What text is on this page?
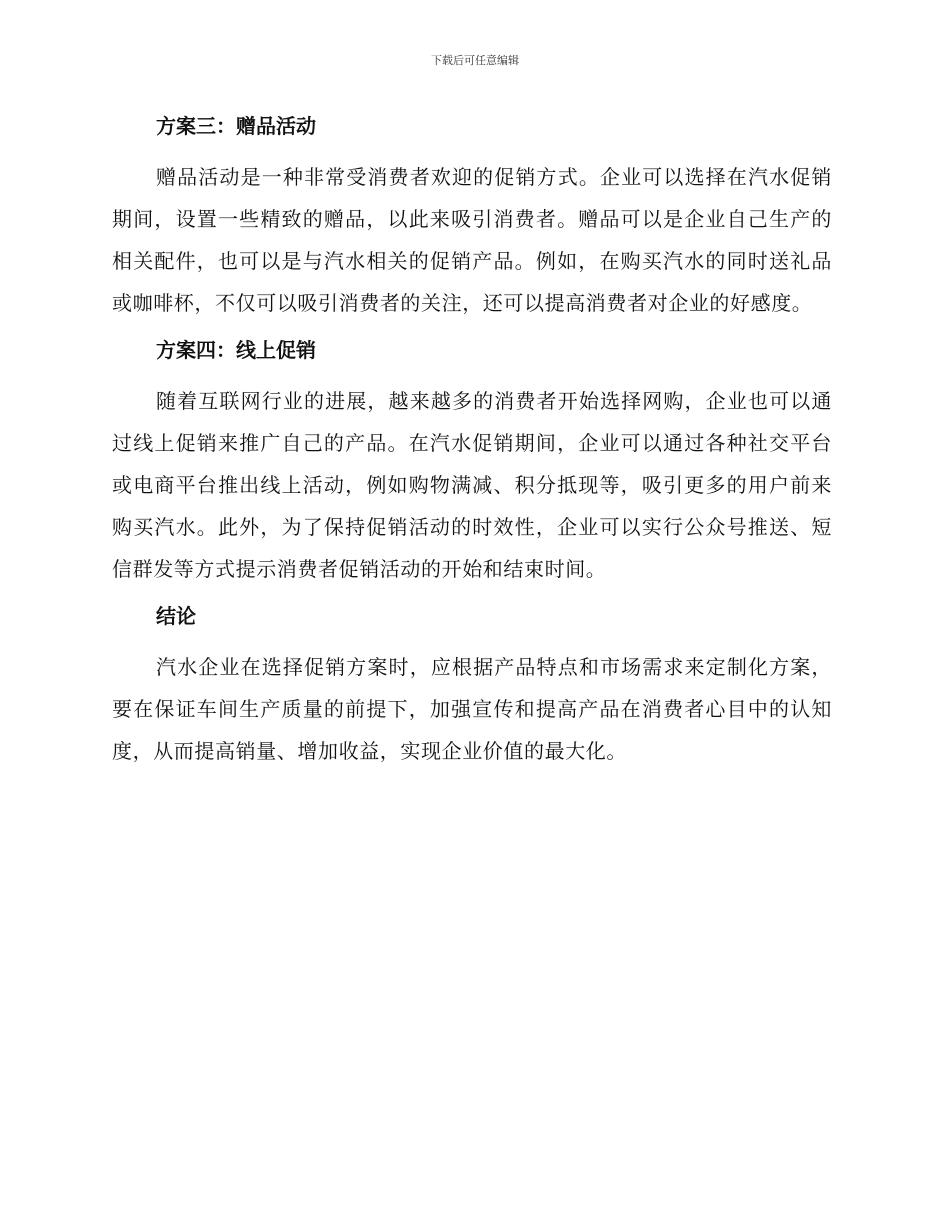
下载后可任意编辑
方案三：赠品活动

赠品活动是一种非常受消费者欢迎的促销方式。企业可以选择在汽水促销期间，设置一些精致的赠品，以此来吸引消费者。赠品可以是企业自己生产的相关配件，也可以是与汽水相关的促销产品。例如，在购买汽水的同时送礼品或咖啡杯，不仅可以吸引消费者的关注，还可以提高消费者对企业的好感度。

方案四：线上促销

随着互联网行业的进展，越来越多的消费者开始选择网购，企业也可以通过线上促销来推广自己的产品。在汽水促销期间，企业可以通过各种社交平台或电商平台推出线上活动，例如购物满减、积分抵现等，吸引更多的用户前来购买汽水。此外，为了保持促销活动的时效性，企业可以实行公众号推送、短信群发等方式提示消费者促销活动的开始和结束时间。

结论

汽水企业在选择促销方案时，应根据产品特点和市场需求来定制化方案，要在保证车间生产质量的前提下，加强宣传和提高产品在消费者心目中的认知度，从而提高销量、增加收益，实现企业价值的最大化。
